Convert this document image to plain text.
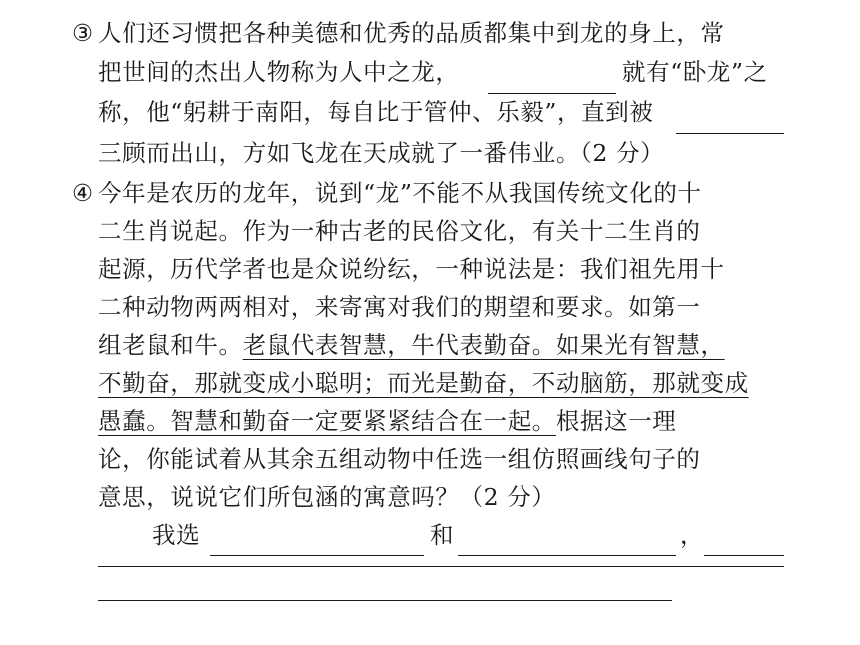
③ 人们还习惯把各种美德和优秀的品质都集中到龙的身上，常
把世间的杰出人物称为人中之龙，	就有“卧龙”之
称，他“躬耕于南阳，每自比于管仲、乐毅”，直到被
三顾而出山，方如飞龙在天成就了一番伟业。（2 分）
④ 今年是农历的龙年，说到“龙”不能不从我国传统文化的十
二生肖说起。作为一种古老的民俗文化，有关十二生肖的
起源，历代学者也是众说纷纭，一种说法是：我们祖先用十
二种动物两两相对，来寄寓对我们的期望和要求。如第一
组老鼠和牛。老鼠代表智慧，牛代表勤奋。如果光有智慧，
不勤奋，那就变成小聪明；而光是勤奋，不动脑筋，那就变成
愚蠢。智慧和勤奋一定要紧紧结合在一起。根据这一理
论，你能试着从其余五组动物中任选一组仿照画线句子的
意思，说说它们所包涵的寓意吗？（2 分）
我选	和	，
